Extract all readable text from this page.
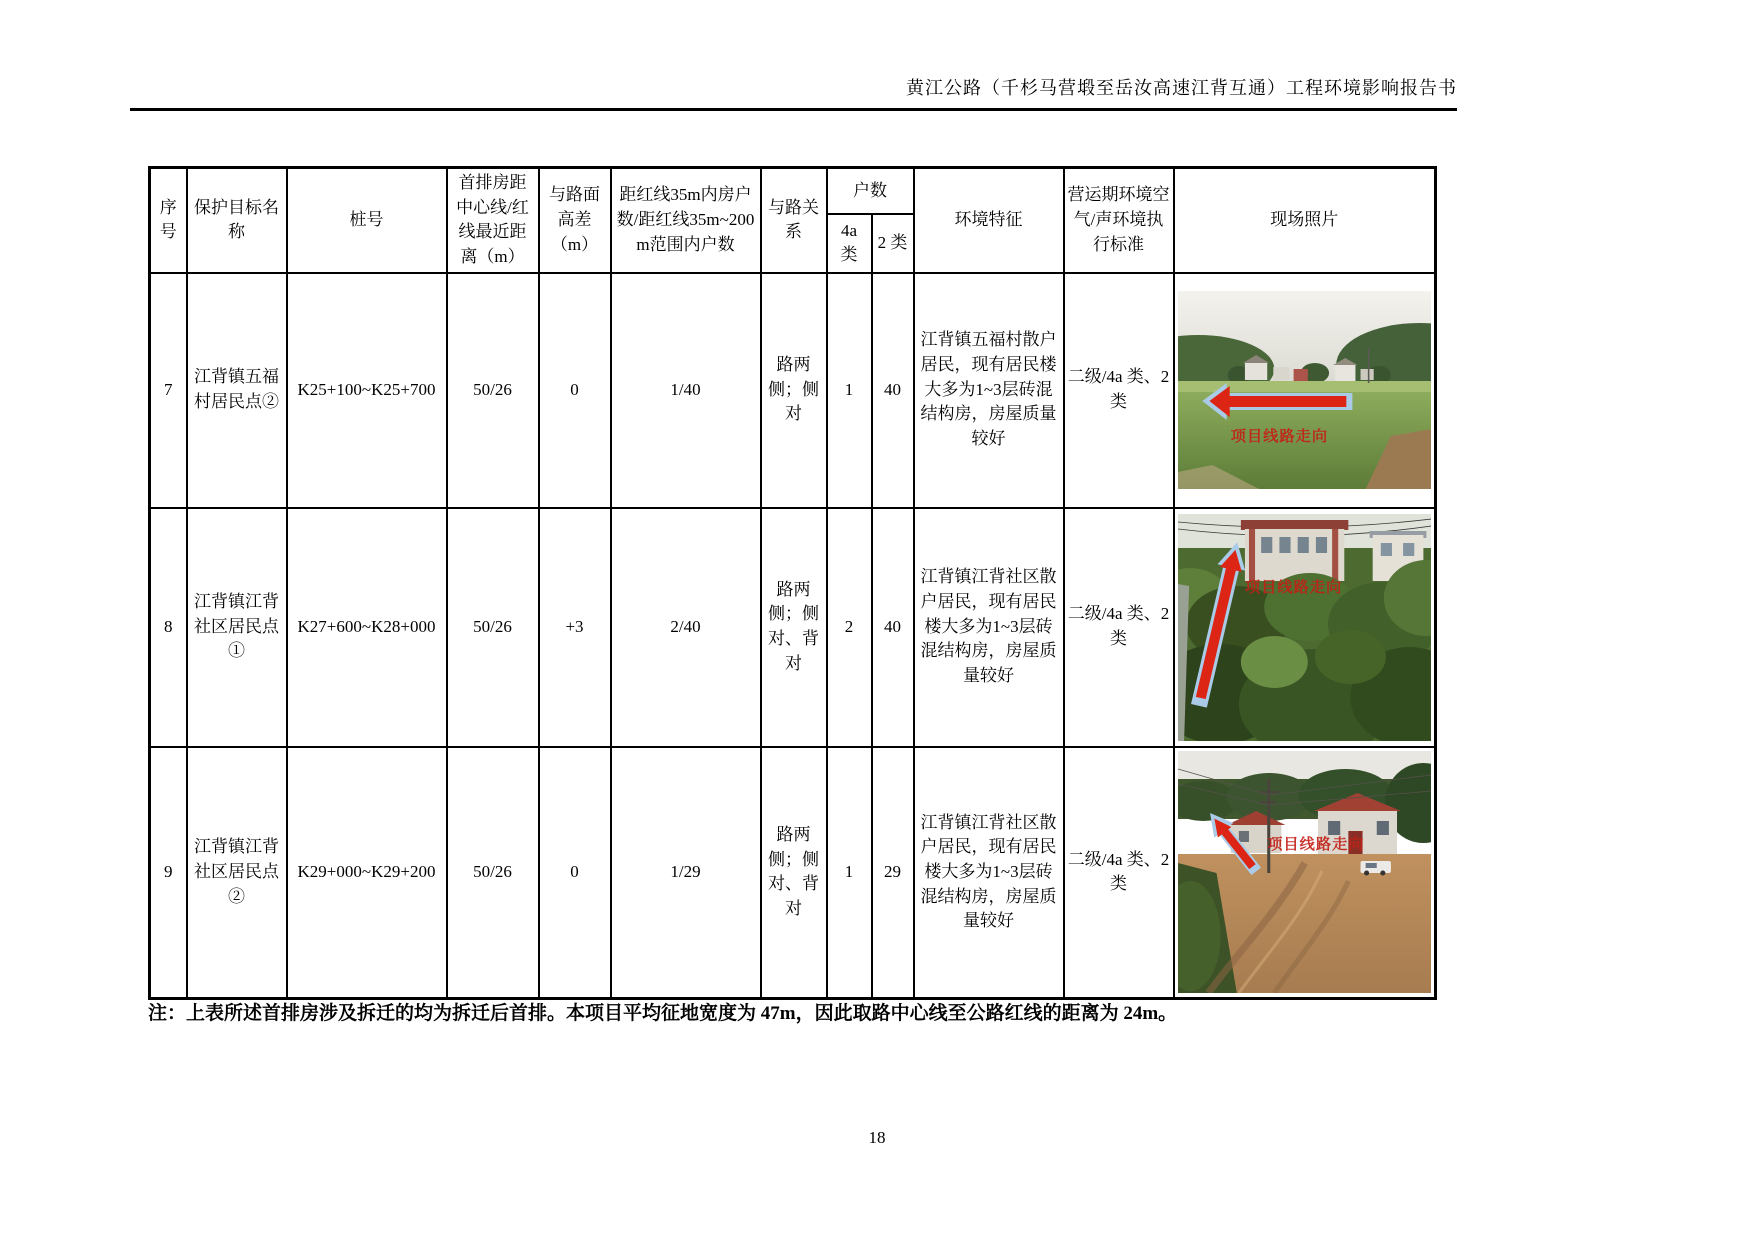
黄江公路（千杉马营塅至岳汝高速江背互通）工程环境影响报告书
序号	保护目标名称	桩号	首排房距中心线/红线最近距离（m）	与路面高差（m）	距红线35m内房户数/距红线35m~200m范围内户数	与路关系	户数		环境特征	营运期环境空气/声环境执行标准	现场照片
							4a 类	2 类			
7	江背镇五福村居民点②	K25+100~K25+700	50/26	0	1/40	路两侧；侧对	1	40	江背镇五福村散户居民，现有居民楼大多为1~3层砖混结构房，房屋质量较好	二级/4a 类、2 类	项目线路走向

8	江背镇江背社区居民点①	K27+600~K28+000	50/26	+3	2/40	路两侧；侧对、背对	2	40	江背镇江背社区散户居民，现有居民楼大多为1~3层砖混结构房，房屋质量较好	二级/4a 类、2 类	项目线路走向

9	江背镇江背社区居民点②	K29+000~K29+200	50/26	0	1/29	路两侧；侧对、背对	1	29	江背镇江背社区散户居民，现有居民楼大多为1~3层砖混结构房，房屋质量较好	二级/4a 类、2 类	项目线路走向
注：上表所述首排房涉及拆迁的均为拆迁后首排。本项目平均征地宽度为 47m，因此取路中心线至公路红线的距离为 24m。
18
